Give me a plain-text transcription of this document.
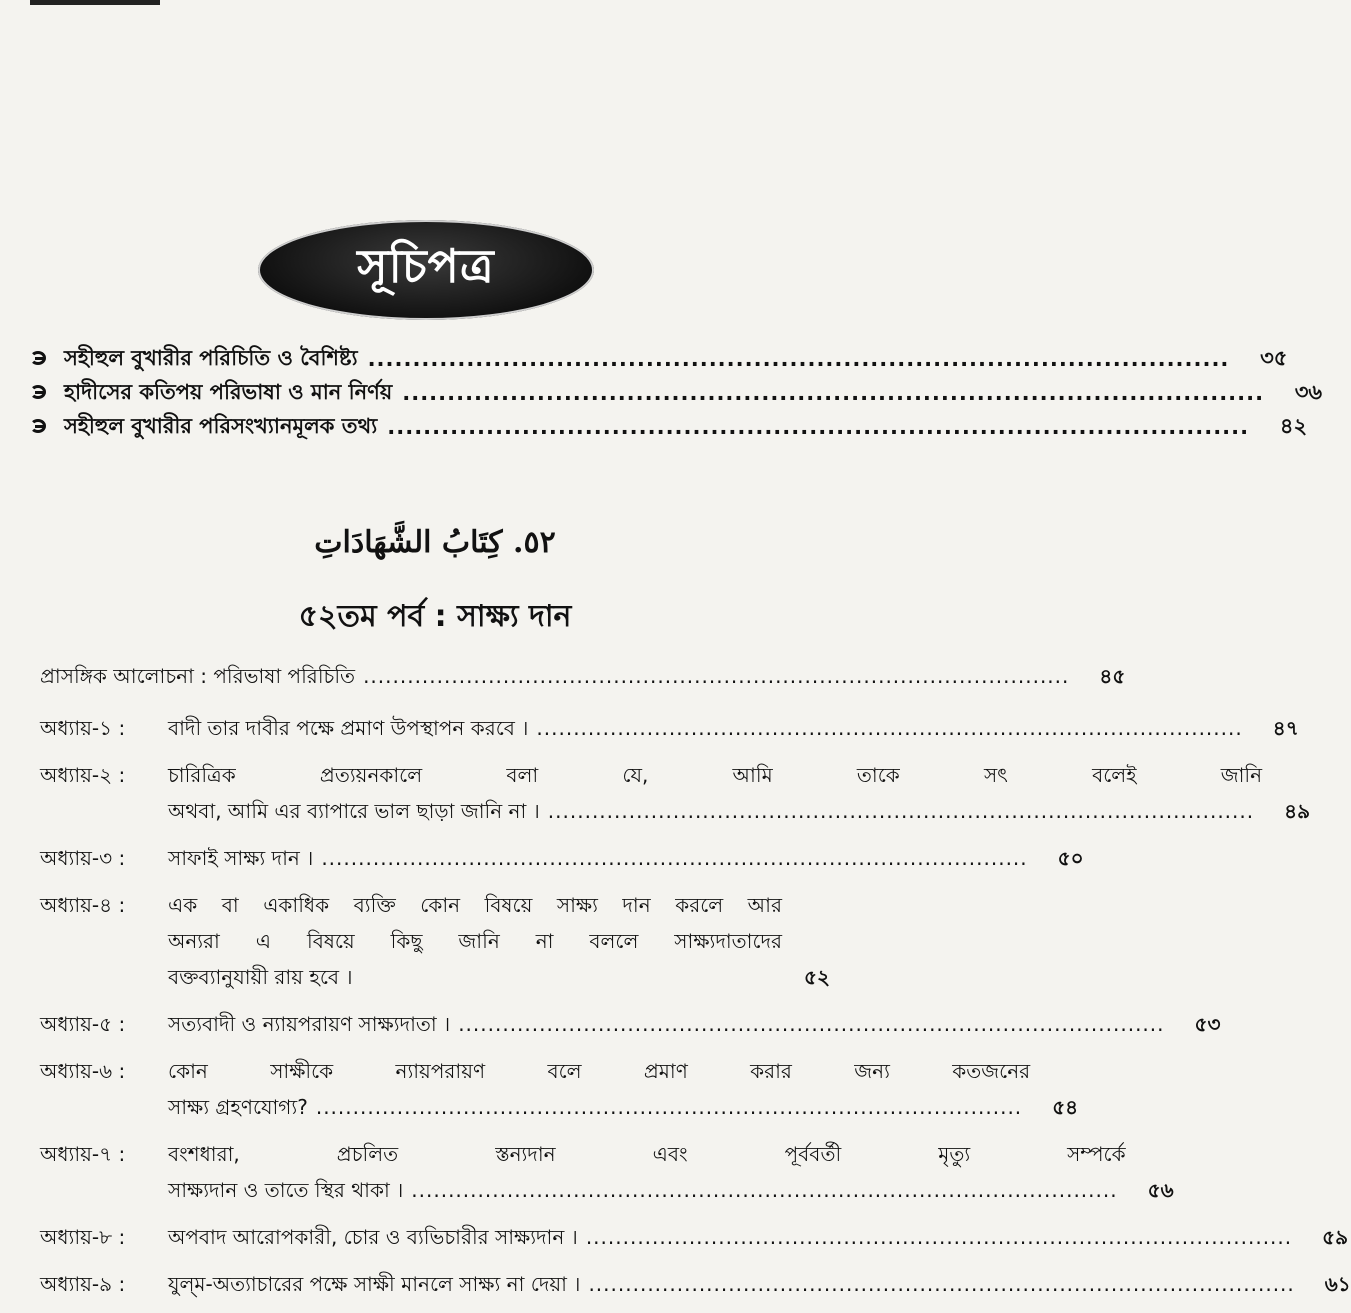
সূচিপত্র
সহীহুল বুখারীর পরিচিতি ও বৈশিষ্ট্য ................................................................................................	৩৫
হাদীসের কতিপয় পরিভাষা ও মান নির্ণয় ................................................................................................	৩৬
সহীহুল বুখারীর পরিসংখ্যানমূলক তথ্য ................................................................................................	৪২
٥٢. كِتَابُ الشَّهَادَاتِ
৫২তম পর্ব : সাক্ষ্য দান
প্রাসঙ্গিক আলোচনা : পরিভাষা পরিচিতি ................................................................................................	৪৫
অধ্যায়-১ :	বাদী তার দাবীর পক্ষে প্রমাণ উপস্থাপন করবে । ................................................................................................	৪৭
অধ্যায়-২ :	চারিত্রিক প্রত্যয়নকালে বলা যে, আমি তাকে সৎ বলেই জানি
অথবা, আমি এর ব্যাপারে ভাল ছাড়া জানি না । ................................................................................................	৪৯
অধ্যায়-৩ :	সাফাই সাক্ষ্য দান । ................................................................................................	৫০
অধ্যায়-৪ :	এক বা একাধিক ব্যক্তি কোন বিষয়ে সাক্ষ্য দান করলে আর
অন্যরা এ বিষয়ে কিছু জানি না বললে সাক্ষ্যদাতাদের
বক্তব্যানুযায়ী রায় হবে ।	৫২
অধ্যায়-৫ :	সত্যবাদী ও ন্যায়পরায়ণ সাক্ষ্যদাতা । ................................................................................................	৫৩
অধ্যায়-৬ :	কোন সাক্ষীকে ন্যায়পরায়ণ বলে প্রমাণ করার জন্য কতজনের
সাক্ষ্য গ্রহণযোগ্য? ................................................................................................	৫৪
অধ্যায়-৭ :	বংশধারা, প্রচলিত স্তন্যদান এবং পূর্ববর্তী মৃত্যু সম্পর্কে
সাক্ষ্যদান ও তাতে স্থির থাকা । ................................................................................................	৫৬
অধ্যায়-৮ :	অপবাদ আরোপকারী, চোর ও ব্যভিচারীর সাক্ষ্যদান । ................................................................................................	৫৯
অধ্যায়-৯ :	যুল্‌ম-অত্যাচারের পক্ষে সাক্ষী মানলে সাক্ষ্য না দেয়া । ................................................................................................	৬১
